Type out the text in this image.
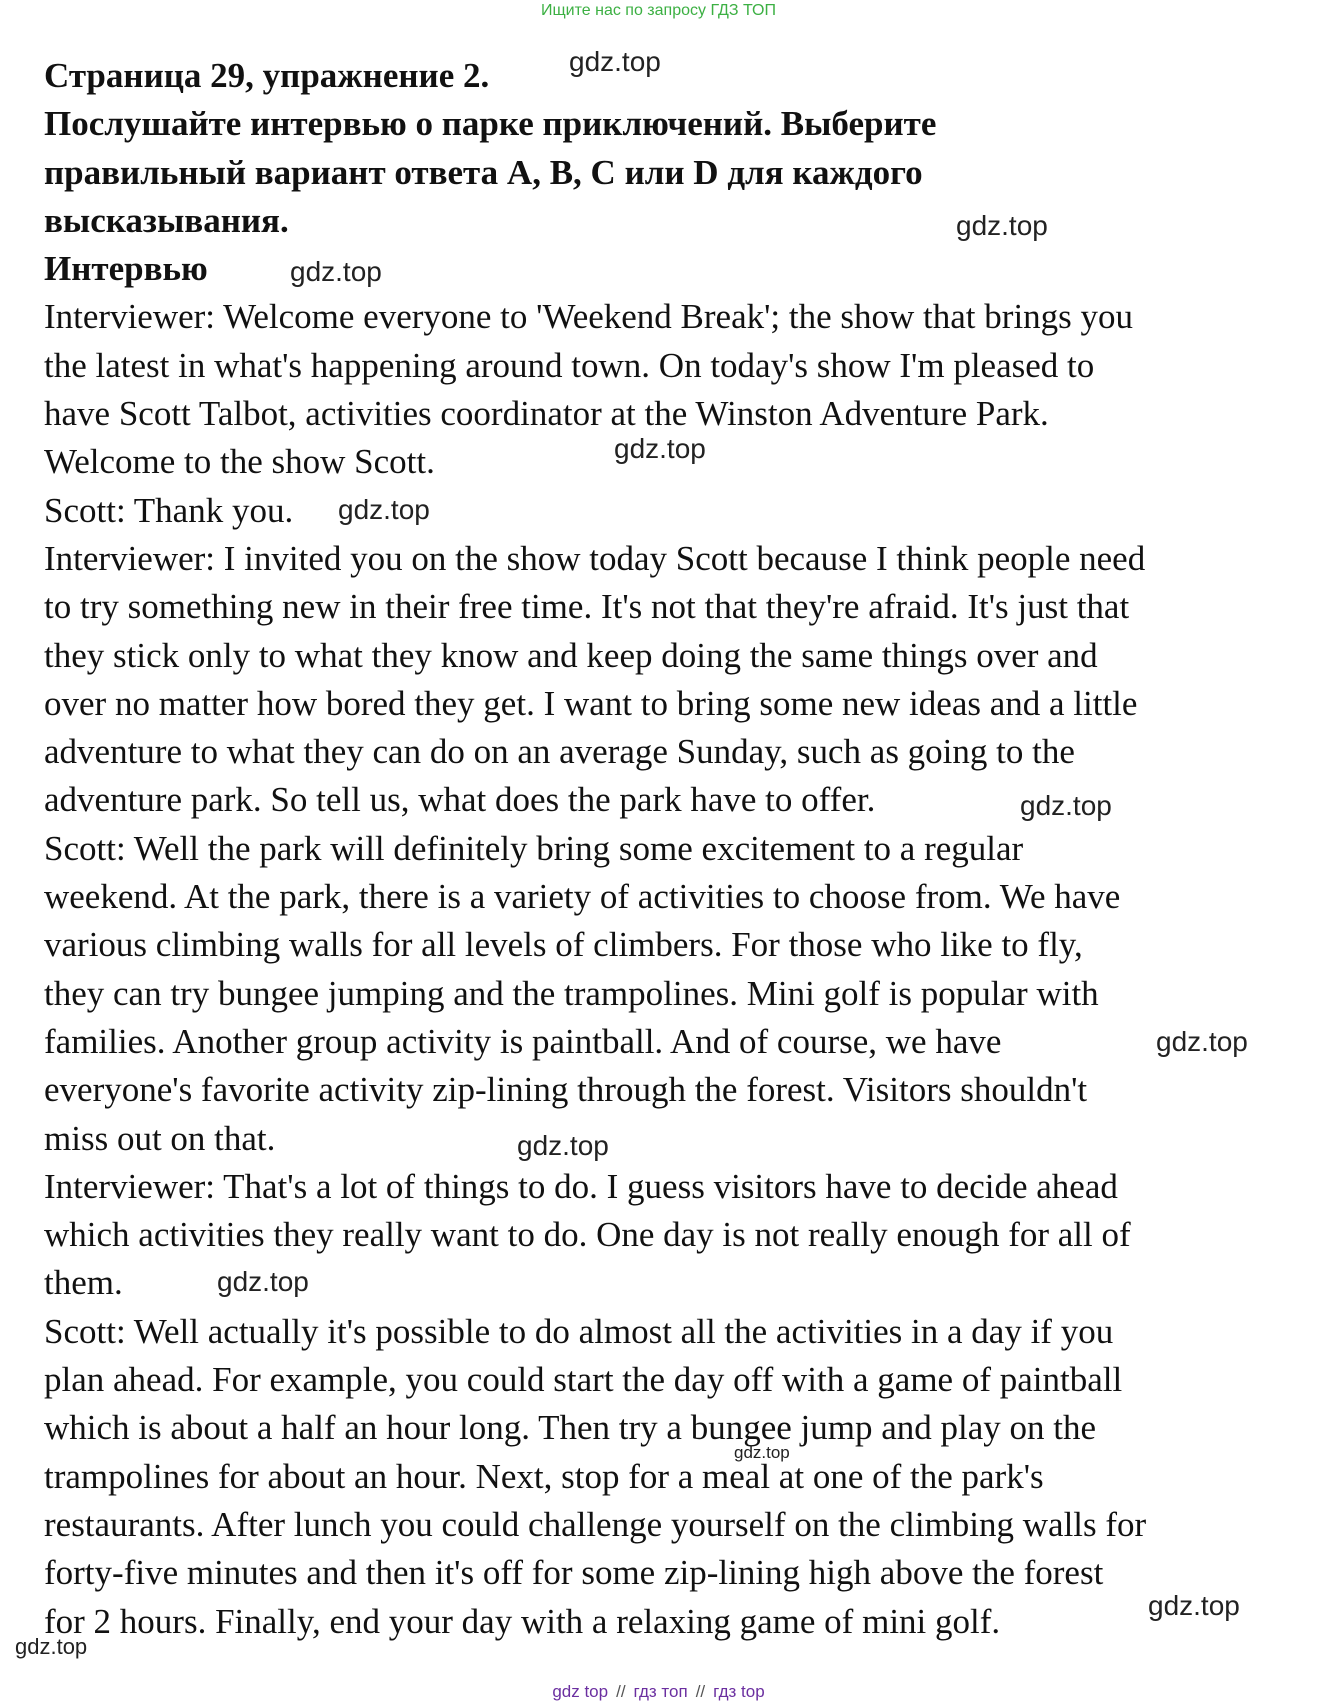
Ищите нас по запросу ГДЗ ТОП
Страница 29, упражнение 2.
Послушайте интервью о парке приключений. Выберите
правильный вариант ответа A, B, C или D для каждого
высказывания.
Интервью
Interviewer: Welcome everyone to 'Weekend Break'; the show that brings you
the latest in what's happening around town. On today's show I'm pleased to
have Scott Talbot, activities coordinator at the Winston Adventure Park.
Welcome to the show Scott.
Scott: Thank you.
Interviewer: I invited you on the show today Scott because I think people need
to try something new in their free time. It's not that they're afraid. It's just that
they stick only to what they know and keep doing the same things over and
over no matter how bored they get. I want to bring some new ideas and a little
adventure to what they can do on an average Sunday, such as going to the
adventure park. So tell us, what does the park have to offer.
Scott: Well the park will definitely bring some excitement to a regular
weekend. At the park, there is a variety of activities to choose from. We have
various climbing walls for all levels of climbers. For those who like to fly,
they can try bungee jumping and the trampolines. Mini golf is popular with
families. Another group activity is paintball. And of course, we have
everyone's favorite activity zip-lining through the forest. Visitors shouldn't
miss out on that.
Interviewer: That's a lot of things to do. I guess visitors have to decide ahead
which activities they really want to do. One day is not really enough for all of
them.
Scott: Well actually it's possible to do almost all the activities in a day if you
plan ahead. For example, you could start the day off with a game of paintball
which is about a half an hour long. Then try a bungee jump and play on the
trampolines for about an hour. Next, stop for a meal at one of the park's
restaurants. After lunch you could challenge yourself on the climbing walls for
forty-five minutes and then it's off for some zip-lining high above the forest
for 2 hours. Finally, end your day with a relaxing game of mini golf.
gdz.top
gdz.top
gdz.top
gdz.top
gdz.top
gdz.top
gdz.top
gdz.top
gdz.top
gdz.top
gdz.top
gdz.top
gdz top // гдз топ // гдз top
